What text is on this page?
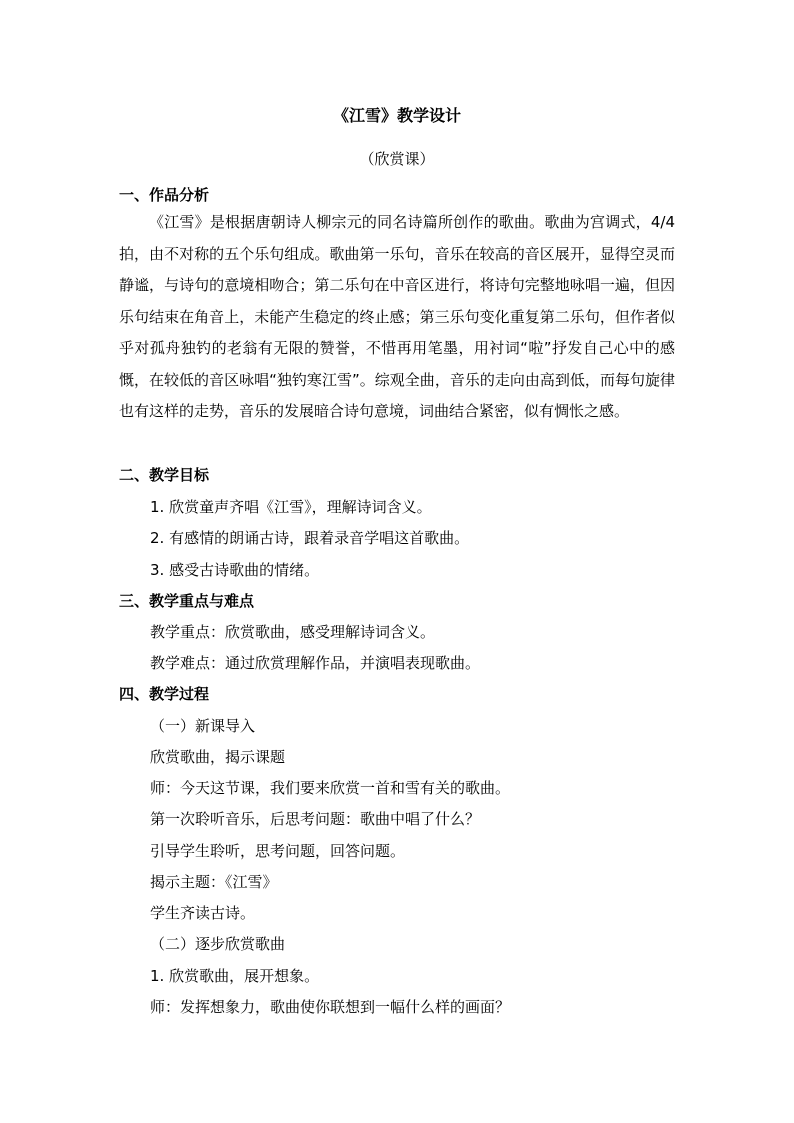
《江雪》教学设计
（欣赏课）
一、作品分析
《江雪》是根据唐朝诗人柳宗元的同名诗篇所创作的歌曲。歌曲为宫调式，4/4 拍，由不对称的五个乐句组成。歌曲第一乐句，音乐在较高的音区展开，显得空灵而静谧，与诗句的意境相吻合；第二乐句在中音区进行，将诗句完整地咏唱一遍，但因乐句结束在角音上，未能产生稳定的终止感；第三乐句变化重复第二乐句，但作者似乎对孤舟独钓的老翁有无限的赞誉，不惜再用笔墨，用衬词“啦”抒发自己心中的感慨，在较低的音区咏唱“独钓寒江雪”。综观全曲，音乐的走向由高到低，而每句旋律也有这样的走势，音乐的发展暗合诗句意境，词曲结合紧密，似有惆怅之感。
二、教学目标
1. 欣赏童声齐唱《江雪》，理解诗词含义。
2. 有感情的朗诵古诗，跟着录音学唱这首歌曲。
3. 感受古诗歌曲的情绪。
三、教学重点与难点
教学重点：欣赏歌曲，感受理解诗词含义。
教学难点：通过欣赏理解作品，并演唱表现歌曲。
四、教学过程
（一）新课导入
欣赏歌曲，揭示课题
师：今天这节课，我们要来欣赏一首和雪有关的歌曲。
第一次聆听音乐，后思考问题：歌曲中唱了什么？
引导学生聆听，思考问题，回答问题。
揭示主题：《江雪》
学生齐读古诗。
（二）逐步欣赏歌曲
1. 欣赏歌曲，展开想象。
师：发挥想象力，歌曲使你联想到一幅什么样的画面？
